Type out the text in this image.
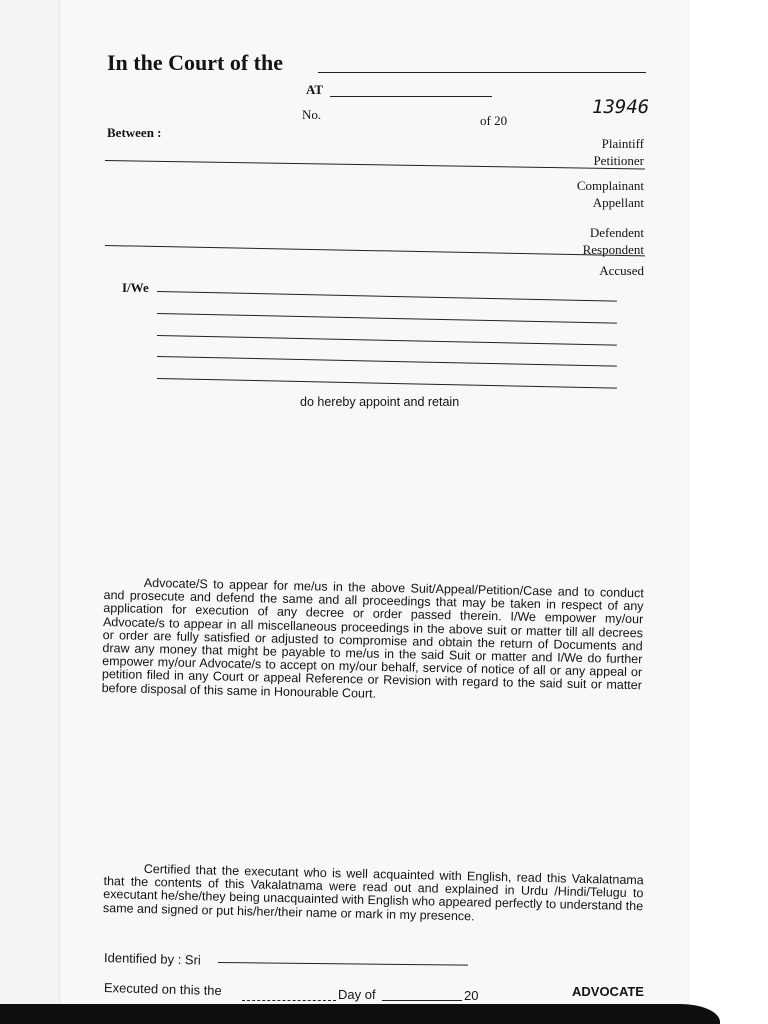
In the Court of the
AT
No.	of 20
13946
Between :
Plaintiff
Petitioner
Complainant
Appellant
Defendent
Respondent
Accused
I/We
do hereby appoint and retain
Advocate/S to appear for me/us in the above Suit/Appeal/Petition/Case and to conduct and prosecute and defend the same and all proceedings that may be taken in respect of any application for execution of any decree or order passed therein. I/We empower my/our Advocate/s to appear in all miscellaneous proceedings in the above suit or matter till all decrees or order are fully satisfied or adjusted to compromise and obtain the return of Documents and draw any money that might be payable to me/us in the said Suit or matter and I/We do further empower my/our Advocate/s to accept on my/our behalf, service of notice of all or any appeal or petition filed in any Court or appeal Reference or Revision with regard to the said suit or matter before disposal of this same in Honourable Court.
Certified that the executant who is well acquainted with English, read this Vakalatnama that the contents of this Vakalatnama were read out and explained in Urdu /Hindi/Telugu to executant he/she/they being unacquainted with English who appeared perfectly to understand the same and signed or put his/her/their name or mark in my presence.
Identified by : Sri
Executed on this the	Day of	20	ADVOCATE
